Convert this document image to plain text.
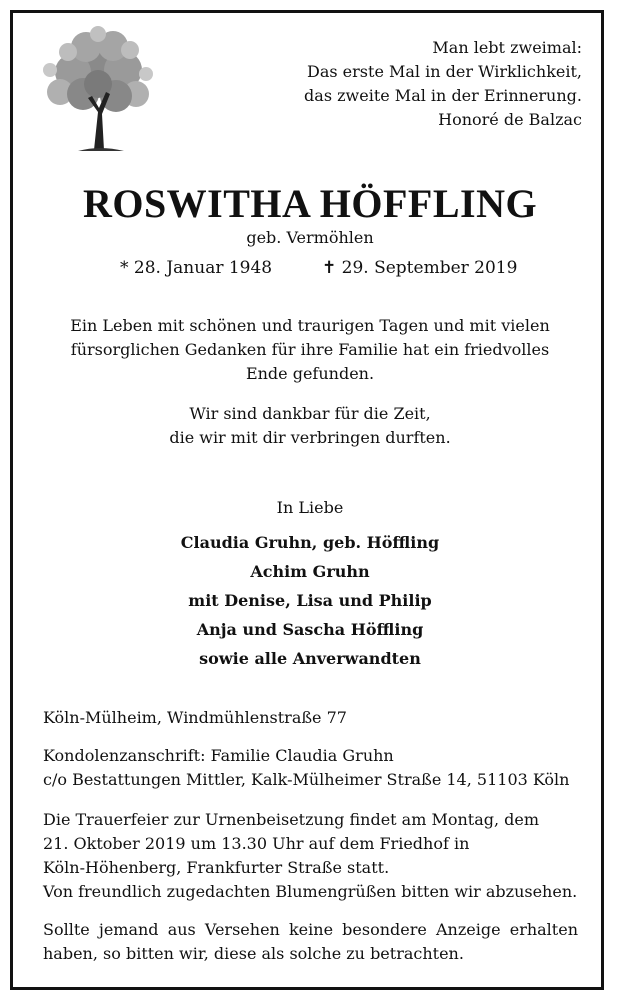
Man lebt zweimal:
Das erste Mal in der Wirklichkeit,
das zweite Mal in der Erinnerung.
Honoré de Balzac
ROSWITHA HÖFFLING
geb. Vermöhlen
* 28. Januar 1948	✝ 29. September 2019
Ein Leben mit schönen und traurigen Tagen und mit vielen
fürsorglichen Gedanken für ihre Familie hat ein friedvolles
Ende gefunden.
Wir sind dankbar für die Zeit,
die wir mit dir verbringen durften.
In Liebe
Claudia Gruhn, geb. Höffling
Achim Gruhn
mit Denise, Lisa und Philip
Anja und Sascha Höffling
sowie alle Anverwandten
Köln-Mülheim, Windmühlenstraße 77
Kondolenzanschrift: Familie Claudia Gruhn
c/o Bestattungen Mittler, Kalk-Mülheimer Straße 14, 51103 Köln
Die Trauerfeier zur Urnenbeisetzung findet am Montag, dem
21. Oktober 2019 um 13.30 Uhr auf dem Friedhof in
Köln-Höhenberg, Frankfurter Straße statt.
Von freundlich zugedachten Blumengrüßen bitten wir abzusehen.
Sollte jemand aus Versehen keine besondere Anzeige erhalten haben, so bitten wir, diese als solche zu betrachten.
